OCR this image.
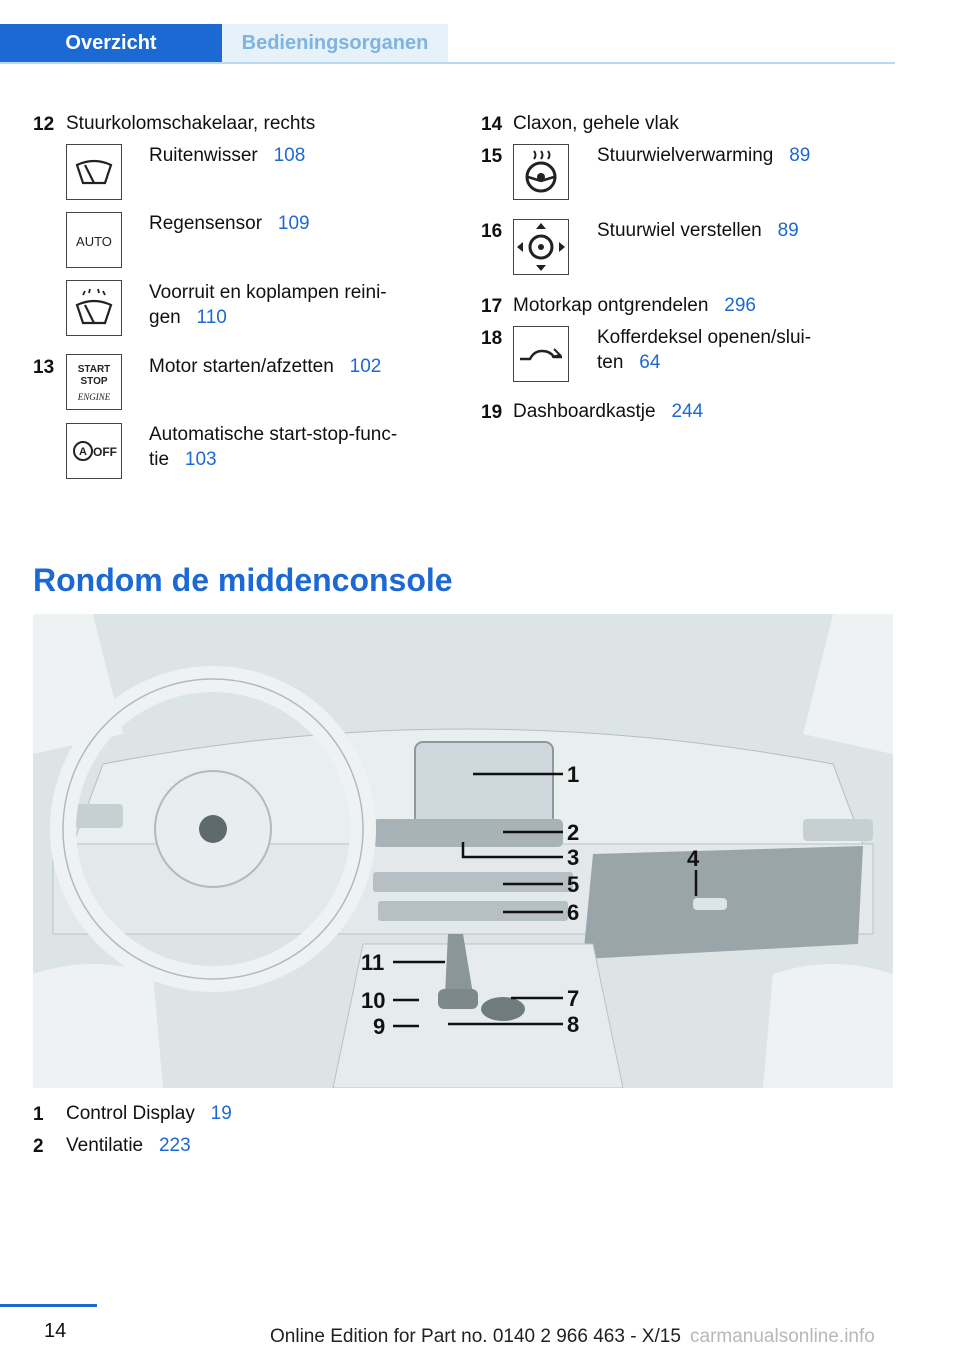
Overzicht	Bedieningsorganen
12 Stuurkolomschakelaar, rechts
Ruitenwisser 108
AUTO
Regensensor 109
Voorruit en koplampen reini-
gen 110
13 START
STOP
ENGINE
Motor starten/afzetten 102
A OFF
Automatische start-stop-func-
tie 103
14 Claxon, gehele vlak
15	Stuurwielverwarming 89
16	Stuurwiel verstellen 89
17 Motorkap ontgrendelen 296
18	Kofferdeksel openen/slui-
ten 64
19 Dashboardkastje 244
Rondom de middenconsole
1
2
3	4
5
6
7
8
9
10
11
1 Control Display 19
2 Ventilatie 223
14	Online Edition for Part no. 0140 2 966 463 - X/15 carmanualsonline.info
